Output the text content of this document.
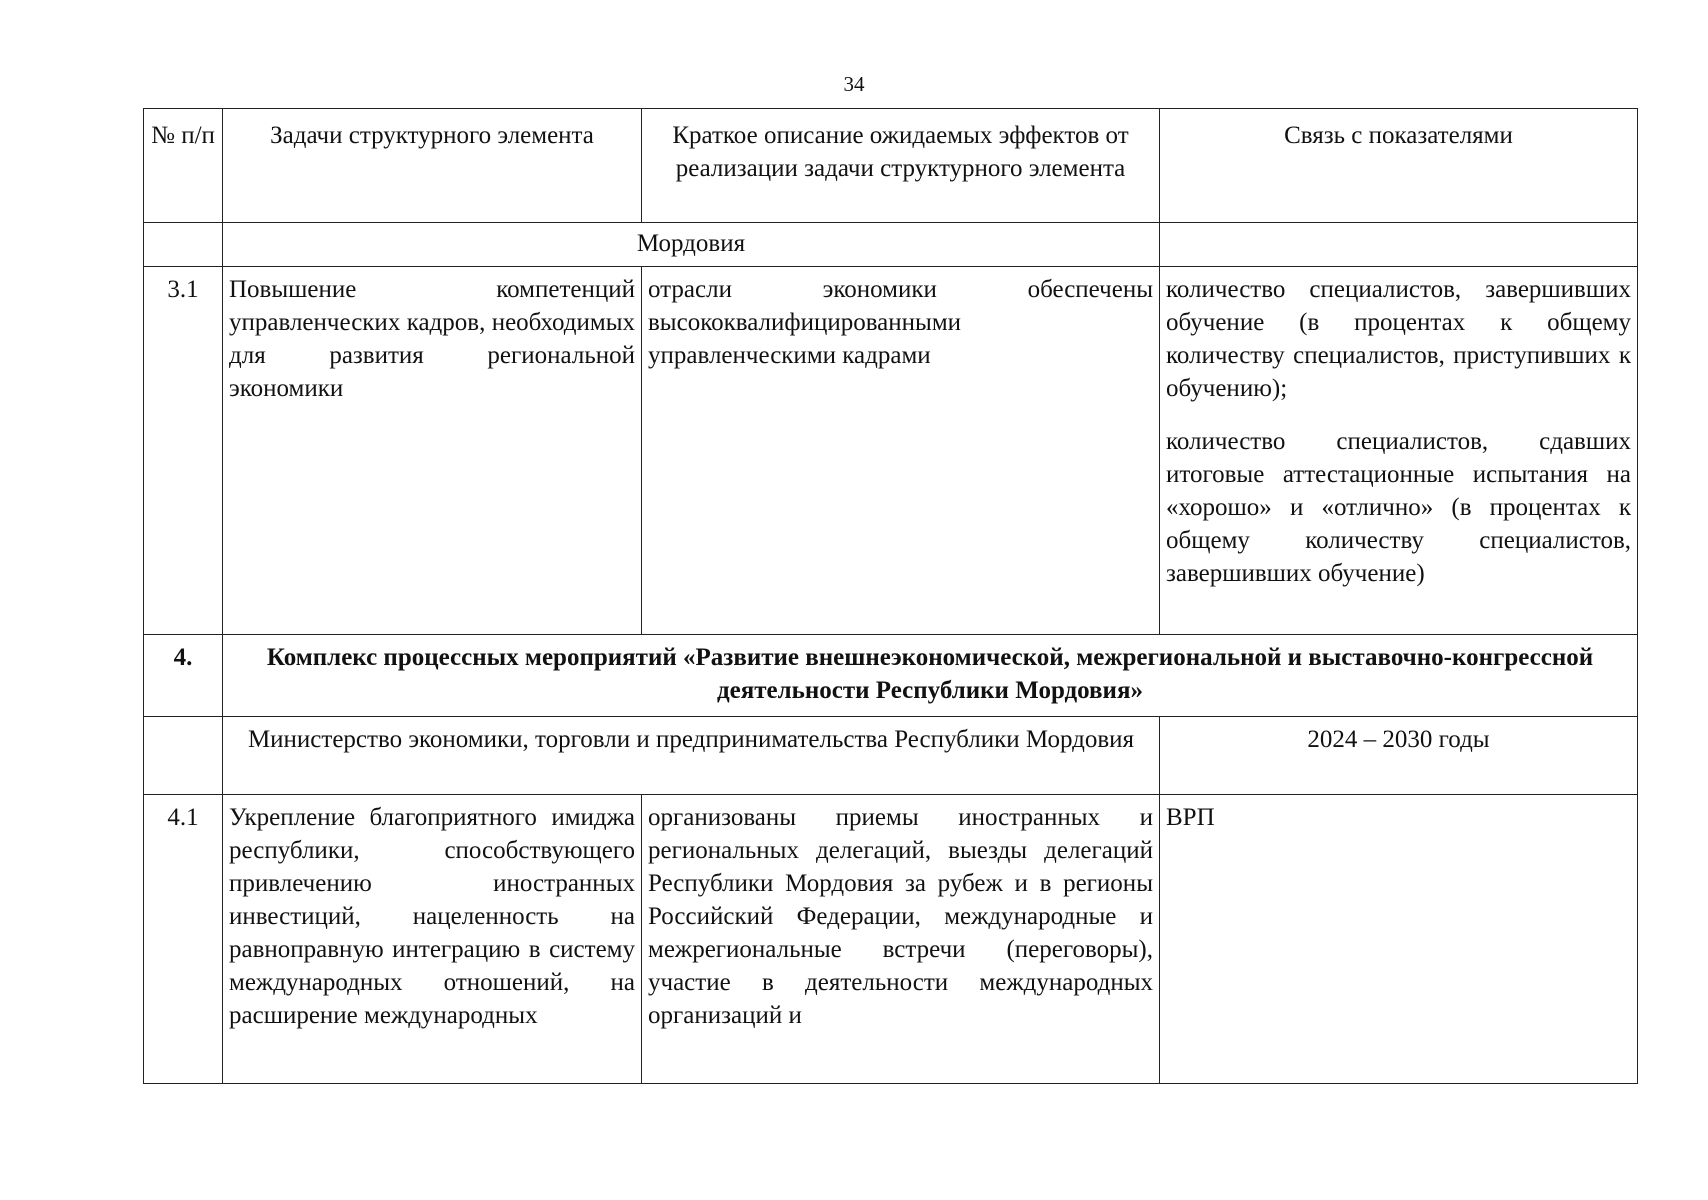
34
№ п/п	Задачи структурного элемента	Краткое описание ожидаемых эффектов от реализации задачи структурного элемента	Связь с показателями
	Мордовия		
3.1	Повышение компетенций управленческих кадров, необходимых для развития региональной экономики	отрасли экономики обеспечены высококвалифицированными управленческими кадрами	количество специалистов, завершивших обучение (в процентах к общему количеству специалистов, приступивших к обучению);
количество специалистов, сдавших итоговые аттестационные испытания на «хорошо» и «отлично» (в процентах к общему количеству специалистов, завершивших обучение)

4.	Комплекс процессных мероприятий «Развитие внешнеэкономической, межрегиональной и выставочно-конгрессной деятельности Республики Мордовия»		
	Министерство экономики, торговли и предпринимательства Республики Мордовия		2024 – 2030 годы
4.1	Укрепление благоприятного имиджа республики, способствующего привлечению иностранных инвестиций, нацеленность на равноправную интеграцию в систему международных отношений, на расширение международных	организованы приемы иностранных и региональных делегаций, выезды делегаций Республики Мордовия за рубеж и в регионы Российский Федерации, международные и межрегиональные встречи (переговоры), участие в деятельности международных организаций и	ВРП
